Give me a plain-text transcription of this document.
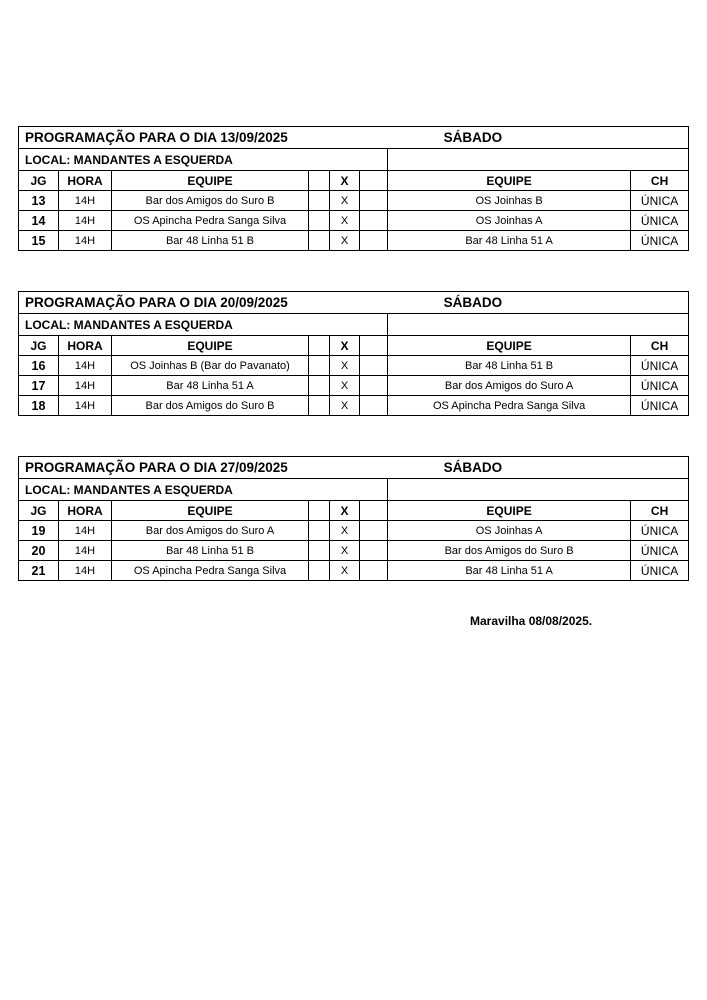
PROGRAMAÇÃO PARA O DIA 13/09/2025						SÁBADO	
LOCAL: MANDANTES A ESQUERDA							
JG	HORA	EQUIPE		X		EQUIPE	CH
13	14H	Bar dos Amigos do Suro B		X		OS Joinhas B	ÚNICA
14	14H	OS Apincha Pedra Sanga Silva		X		OS Joinhas A	ÚNICA
15	14H	Bar 48 Linha 51 B		X		Bar 48 Linha 51 A	ÚNICA
PROGRAMAÇÃO PARA O DIA 20/09/2025						SÁBADO	
LOCAL: MANDANTES A ESQUERDA							
JG	HORA	EQUIPE		X		EQUIPE	CH
16	14H	OS Joinhas B (Bar do Pavanato)		X		Bar 48 Linha 51 B	ÚNICA
17	14H	Bar 48 Linha 51 A		X		Bar dos Amigos do Suro A	ÚNICA
18	14H	Bar dos Amigos do Suro B		X		OS Apincha Pedra Sanga Silva	ÚNICA
PROGRAMAÇÃO PARA O DIA 27/09/2025						SÁBADO	
LOCAL: MANDANTES A ESQUERDA							
JG	HORA	EQUIPE		X		EQUIPE	CH
19	14H	Bar dos Amigos do Suro A		X		OS Joinhas A	ÚNICA
20	14H	Bar 48 Linha 51 B		X		Bar dos Amigos do Suro B	ÚNICA
21	14H	OS Apincha Pedra Sanga Silva		X		Bar 48 Linha 51 A	ÚNICA
Maravilha 08/08/2025.
